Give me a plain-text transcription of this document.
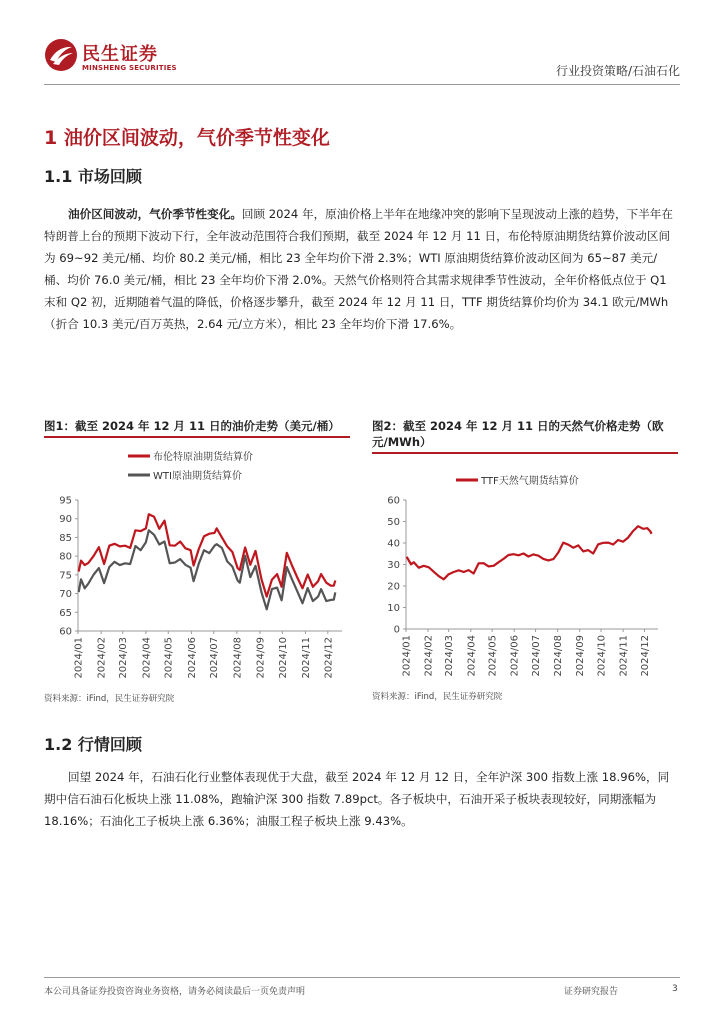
民生证券
MINSHENG SECURITIES	行业投资策略/石油石化
1 油价区间波动，气价季节性变化
1.1 市场回顾

油价区间波动，气价季节性变化。回顾 2024 年，原油价格上半年在地缘冲突的影响下呈现波动上涨的趋势，下半年在特朗普上台的预期下波动下行，全年波动范围符合我们预期，截至 2024 年 12 月 11 日，布伦特原油期货结算价波动区间为 69~92 美元/桶、均价 80.2 美元/桶，相比 23 全年均价下滑 2.3%；WTI 原油期货结算价波动区间为 65~87 美元/桶、均价 76.0 美元/桶，相比 23 全年均价下滑 2.0%。天然气价格则符合其需求规律季节性波动，全年价格低点位于 Q1 末和 Q2 初，近期随着气温的降低，价格逐步攀升，截至 2024 年 12 月 11 日，TTF 期货结算价均价为 34.1 欧元/MWh（折合 10.3 美元/百万英热，2.64 元/立方米），相比 23 全年均价下滑 17.6%。

图1：截至 2024 年 12 月 11 日的油价走势（美元/桶）
60
65
70
75
80
85
90
95
2024/01 2024/02 2024/03 2024/04 2024/05 2024/06 2024/07 2024/08 2024/09 2024/10 2024/11 2024/12
布伦特原油期货结算价
WTI原油期货结算价
资料来源：iFind，民生证券研究院
图2：截至 2024 年 12 月 11 日的天然气价格走势（欧元/MWh）
0
10
20
30
40
50
60
2024/01 2024/02 2024/03 2024/04 2024/05 2024/06 2024/07 2024/08 2024/09 2024/10 2024/11 2024/12
TTF天然气期货结算价
资料来源：iFind，民生证券研究院
1.2 行情回顾

回望 2024 年，石油石化行业整体表现优于大盘，截至 2024 年 12 月 12 日，全年沪深 300 指数上涨 18.96%，同期中信石油石化板块上涨 11.08%，跑输沪深 300 指数 7.89pct。各子板块中，石油开采子板块表现较好，同期涨幅为 18.16%；石油化工子板块上涨 6.36%；油服工程子板块上涨 9.43%。

本公司具备证券投资咨询业务资格，请务必阅读最后一页免责声明	证券研究报告	3
